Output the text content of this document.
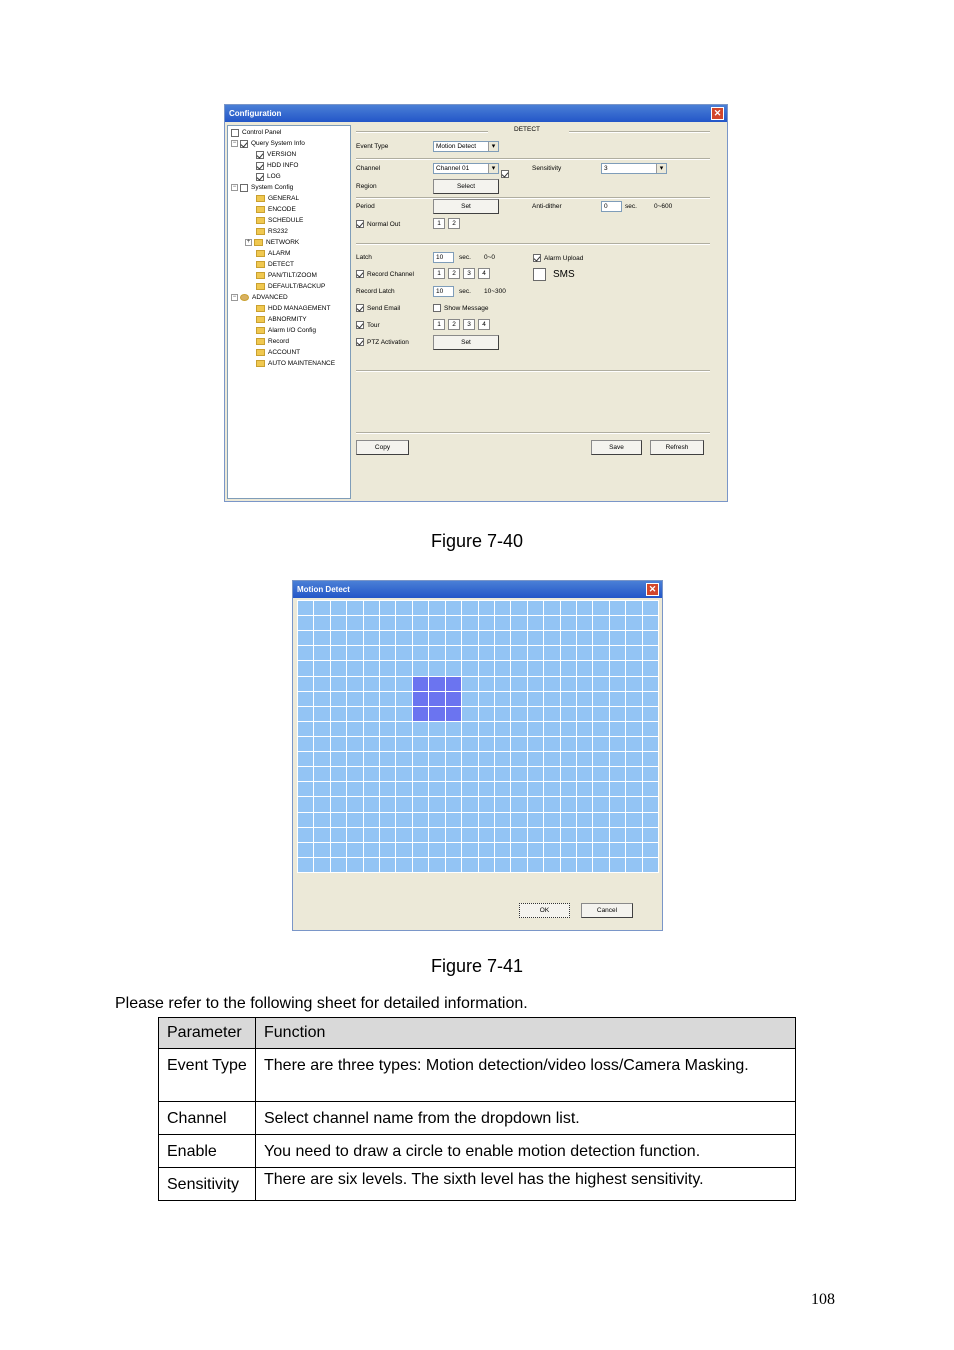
Configuration	✕
Control Panel
− Query System Info
VERSION
HDD INFO
LOG
− System Config
GENERAL
ENCODE
SCHEDULE
RS232
+ NETWORK
ALARM
DETECT
PAN/TILT/ZOOM
DEFAULT/BACKUP
− ADVANCED
HDD MANAGEMENT
ABNORMITY
Alarm I/O Config
Record
ACCOUNT
AUTO MAINTENANCE
DETECT
Event Type	Motion Detect ▾
Channel	Channel 01 ▾	Sensitivity	3 ▾
Region	Select
Period	Set	Anti-dither	0	sec.	0~600
Normal Out	1	2
Latch	10	sec. 0~0	Alarm Upload
Record Channel	1	2	3	4	SMS
Record Latch	10	sec. 10~300
Send Email	Show Message
Tour	1	2	3	4
PTZ Activation	Set
Copy	Save	Refresh
Figure 7-40
Motion Detect	✕
OK	Cancel
Figure 7-41
Please refer to the following sheet for detailed information.
Parameter	Function
Event Type	There are three types: Motion detection/video loss/Camera Masking.
Channel	Select channel name from the dropdown list.
Enable	You need to draw a circle to enable motion detection function.
Sensitivity	There are six levels. The sixth level has the highest sensitivity.
108
